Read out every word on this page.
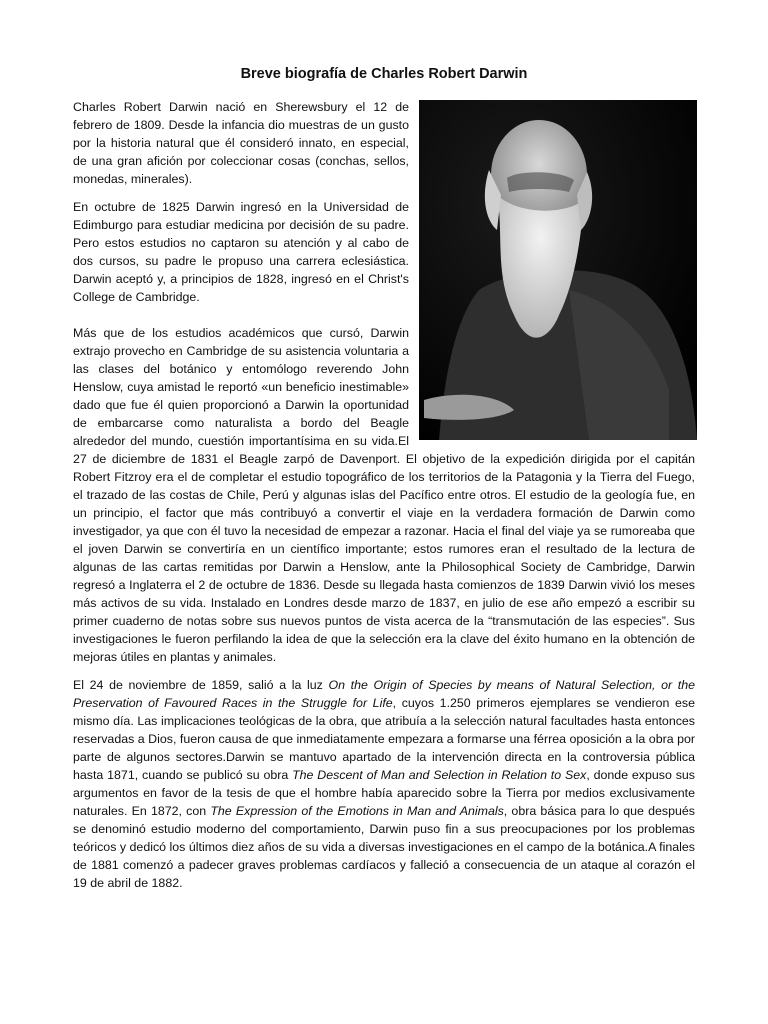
Breve biografía de Charles Robert Darwin

Charles Robert Darwin nació en Sherewsbury el 12 de febrero de 1809. Desde la infancia dio muestras de un gusto por la historia natural que él consideró innato, en especial, de una gran afición por coleccionar cosas (conchas, sellos, monedas, minerales).

En octubre de 1825 Darwin ingresó en la Universidad de Edimburgo para estudiar medicina por decisión de su padre. Pero estos estudios no captaron su atención y al cabo de dos cursos, su padre le propuso una carrera eclesiástica. Darwin aceptó y, a principios de 1828, ingresó en el Christ's College de Cambridge.

Más que de los estudios académicos que cursó, Darwin extrajo provecho en Cambridge de su asistencia voluntaria a las clases del botánico y entomólogo reverendo John Henslow, cuya amistad le reportó «un beneficio inestimable» dado que fue él quien proporcionó a Darwin la oportunidad de embarcarse como naturalista a bordo del Beagle alrededor del mundo, cuestión importantísima en su vida.El 27 de diciembre de 1831 el Beagle zarpó de Davenport. El objetivo de la expedición dirigida por el capitán Robert Fitzroy era el de completar el estudio topográfico de los territorios de la Patagonia y la Tierra del Fuego, el trazado de las costas de Chile, Perú y algunas islas del Pacífico entre otros. El estudio de la geología fue, en un principio, el factor que más contribuyó a convertir el viaje en la verdadera formación de Darwin como investigador, ya que con él tuvo la necesidad de empezar a razonar. Hacia el final del viaje ya se rumoreaba que el joven Darwin se convertiría en un científico importante; estos rumores eran el resultado de la lectura de algunas de las cartas remitidas por Darwin a Henslow, ante la Philosophical Society de Cambridge, Darwin regresó a Inglaterra el 2 de octubre de 1836. Desde su llegada hasta comienzos de 1839 Darwin vivió los meses más activos de su vida. Instalado en Londres desde marzo de 1837, en julio de ese año empezó a escribir su primer cuaderno de notas sobre sus nuevos puntos de vista acerca de la “transmutación de las especies”. Sus investigaciones le fueron perfilando la idea de que la selección era la clave del éxito humano en la obtención de mejoras útiles en plantas y animales.

El 24 de noviembre de 1859, salió a la luz On the Origin of Species by means of Natural Selection, or the Preservation of Favoured Races in the Struggle for Life, cuyos 1.250 primeros ejemplares se vendieron ese mismo día. Las implicaciones teológicas de la obra, que atribuía a la selección natural facultades hasta entonces reservadas a Dios, fueron causa de que inmediatamente empezara a formarse una férrea oposición a la obra por parte de algunos sectores.Darwin se mantuvo apartado de la intervención directa en la controversia pública hasta 1871, cuando se publicó su obra The Descent of Man and Selection in Relation to Sex, donde expuso sus argumentos en favor de la tesis de que el hombre había aparecido sobre la Tierra por medios exclusivamente naturales. En 1872, con The Expression of the Emotions in Man and Animals, obra básica para lo que después se denominó estudio moderno del comportamiento, Darwin puso fin a sus preocupaciones por los problemas teóricos y dedicó los últimos diez años de su vida a diversas investigaciones en el campo de la botánica.A finales de 1881 comenzó a padecer graves problemas cardíacos y falleció a consecuencia de un ataque al corazón el 19 de abril de 1882.
